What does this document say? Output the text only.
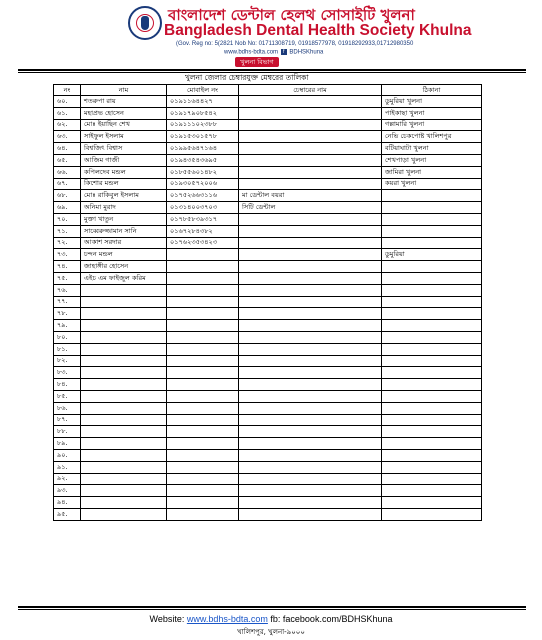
বাংলাদেশ ডেন্টাল হেলথ সোসাইটি খুলনা
Bangladesh Dental Health Society Khulna
(Gov. Reg no: 5(2821 Nob No: 01711308719, 01918577978, 01918292933,01712980350
www.bdhs-bdta.com f BDHSKhuna
খুলনা বিভাগ
খুলনা জেলার চেম্বারযুক্ত মেম্বরের তালিকা
নং	নাম	মোবাইল নং	চেম্বারের নাম	ঠিকানা
৬০.	শতরুপা রায়	০১৯১১৬৪৪২৭		ডুমুরিয়া খুলনা
৬১.	মহাপ্রভ হোসেন	০১৯১৭৯০৮৫৪২		পাইকাছা খুলনা
৬২.	মোঃ ইয়াছিন শেখ	০১৯১১১০২৩৮৮		গল্লামারি খুলনা
৬৩.	সাইফুল ইসলাম	০১৯১৫৩০১৫৭৮		নেভি চেকপোষ্ট খালিশপুর
৬৪.	বিশ্বজিৎ বিশ্বাস	০১৯৯৫৬৪৭১৬৪		বটিয়াঘাটা খুলনা
৬৫.	আজিম গাজী	০১৯৪৩৫৪৩৬৯৫		শেখপাড়া খুলনা
৬৬.	কপিলদেব মন্ডল	০১৮৫৫৬০১৪৮২		জামিরা খুলনা
৬৭.	কিশোর মন্ডল	০১৯৩০৫৭২০০৬		কয়রা খুলনা
৬৮.	মোঃ রাকিবুল ইসলাম	০১৭৫২৬৬৩১১৬	মা ডেন্টাল বয়রা	
৬৯.	অনিমা মুরাদ	০১৩১৪০০৩৭০৩	সিটি ডেন্টাল	
৭০.	মুক্তা খাতুন	০১৭৮৫৮৩৯৩১৭		
৭১.	সাব্বেরুজ্জামান সানি	০১৬৭২৮৪৩৮২		
৭২.	আকাশ সরদার	০১৭৬২৩৫৩৪২৩		
৭৩.	চন্দন মন্ডল			ডুমুরিয়া
৭৪.	জাহাঙ্গীর হোসেন			
৭৫.	এইচ এম ফাইজুল করিম			
৭৬.				
৭৭.				
৭৮.				
৭৯.				
৮০.				
৮১.				
৮২.				
৮৩.				
৮৪.				
৮৫.				
৮৬.				
৮৭.				
৮৮.				
৮৯.				
৯০.				
৯১.				
৯২.				
৯৩.				
৯৪.				
৯৫.				
Website: www.bdhs-bdta.com fb: facebook.com/BDHSKhuna
খালিশপুর, খুলনা-৯০০০
